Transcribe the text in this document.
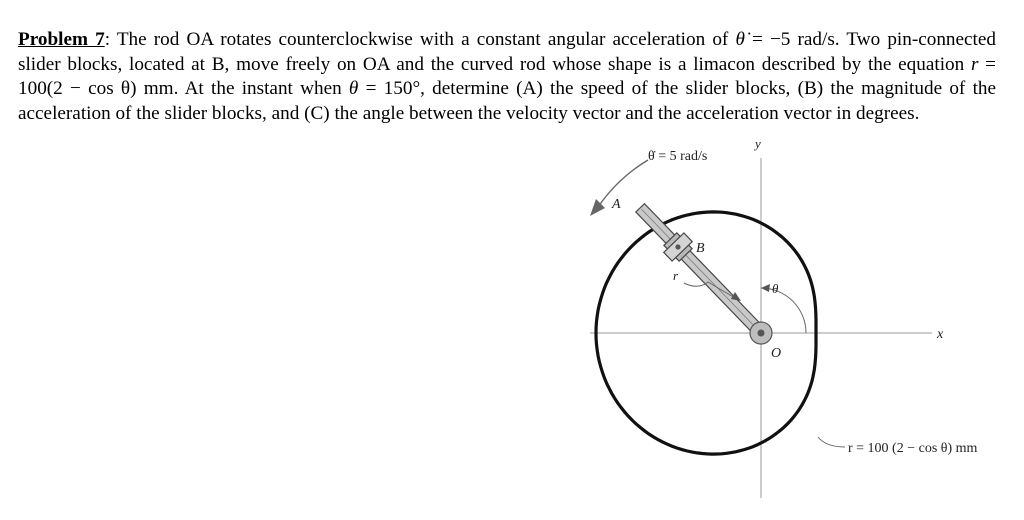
Problem 7: The rod OA rotates counterclockwise with a constant angular acceleration of θ̇ = −5 rad/s. Two pin-connected slider blocks, located at B, move freely on OA and the curved rod whose shape is a limacon described by the equation r = 100(2 − cos θ) mm. At the instant when θ = 150°, determine (A) the speed of the slider blocks, (B) the magnitude of the acceleration of the slider blocks, and (C) the angle between the velocity vector and the acceleration vector in degrees.
θ̇ = 5 rad/s
A
B
r
θ
O
x
y
r = 100 (2 − cos θ) mm
